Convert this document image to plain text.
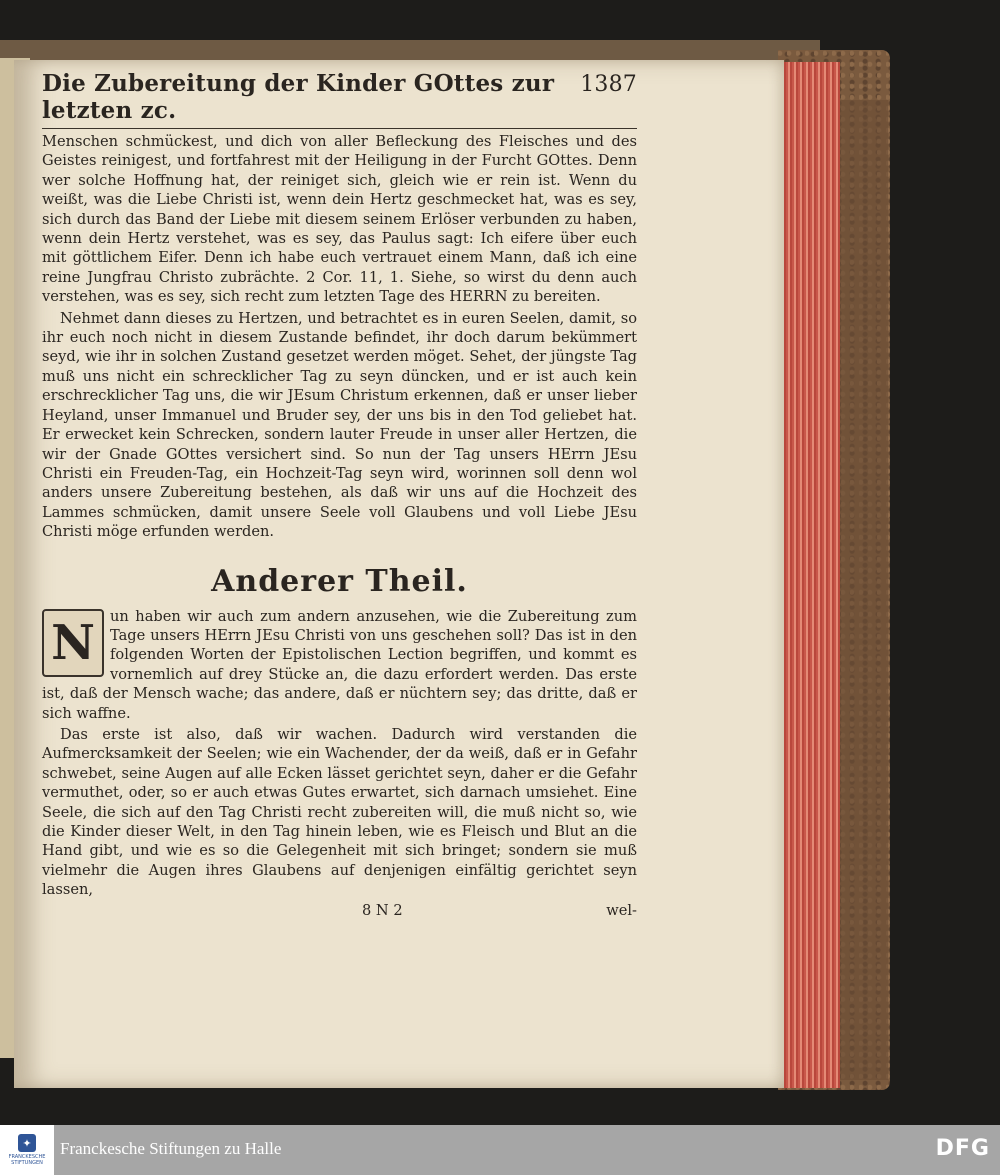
Die Zubereitung der Kinder GOttes zur letzten zc.
1387

Menschen schmückest, und dich von aller Befleckung des Fleisches und des Geistes reinigest, und fortfahrest mit der Heiligung in der Furcht GOttes. Denn wer solche Hoffnung hat, der reiniget sich, gleich wie er rein ist. Wenn du weißt, was die Liebe Christi ist, wenn dein Hertz geschmecket hat, was es sey, sich durch das Band der Liebe mit diesem seinem Erlöser verbunden zu haben, wenn dein Hertz verstehet, was es sey, das Paulus sagt: Ich eifere über euch mit göttlichem Eifer. Denn ich habe euch vertrauet einem Mann, daß ich eine reine Jungfrau Christo zubrächte. 2 Cor. 11, 1. Siehe, so wirst du denn auch verstehen, was es sey, sich recht zum letzten Tage des HERRN zu bereiten.

Nehmet dann dieses zu Hertzen, und betrachtet es in euren Seelen, damit, so ihr euch noch nicht in diesem Zustande befindet, ihr doch darum bekümmert seyd, wie ihr in solchen Zustand gesetzet werden möget. Sehet, der jüngste Tag muß uns nicht ein schrecklicher Tag zu seyn düncken, und er ist auch kein erschrecklicher Tag uns, die wir JEsum Christum erkennen, daß er unser lieber Heyland, unser Immanuel und Bruder sey, der uns bis in den Tod geliebet hat. Er erwecket kein Schrecken, sondern lauter Freude in unser aller Hertzen, die wir der Gnade GOttes versichert sind. So nun der Tag unsers HErrn JEsu Christi ein Freuden-Tag, ein Hochzeit-Tag seyn wird, worinnen soll denn wol anders unsere Zubereitung bestehen, als daß wir uns auf die Hochzeit des Lammes schmücken, damit unsere Seele voll Glaubens und voll Liebe JEsu Christi möge erfunden werden.

Anderer Theil.
N	un haben wir auch zum andern anzusehen, wie die Zubereitung zum Tage unsers HErrn JEsu Christi von uns geschehen soll? Das ist in den folgenden Worten der Epistolischen Lection begriffen, und kommt es vornemlich auf drey Stücke an, die dazu erfordert werden. Das erste ist, daß der Mensch wache; das andere, daß er nüchtern sey; das dritte, daß er sich waffne.

Das erste ist also, daß wir wachen. Dadurch wird verstanden die Aufmercksamkeit der Seelen; wie ein Wachender, der da weiß, daß er in Gefahr schwebet, seine Augen auf alle Ecken lässet gerichtet seyn, daher er die Gefahr vermuthet, oder, so er auch etwas Gutes erwartet, sich darnach umsiehet. Eine Seele, die sich auf den Tag Christi recht zubereiten will, die muß nicht so, wie die Kinder dieser Welt, in den Tag hinein leben, wie es Fleisch und Blut an die Hand gibt, und wie es so die Gelegenheit mit sich bringet; sondern sie muß vielmehr die Augen ihres Glaubens auf denjenigen einfältig gerichtet seyn lassen,

8 N 2	wel-
✦
FRANCKESCHE STIFTUNGEN
Franckesche Stiftungen zu Halle	DFG
